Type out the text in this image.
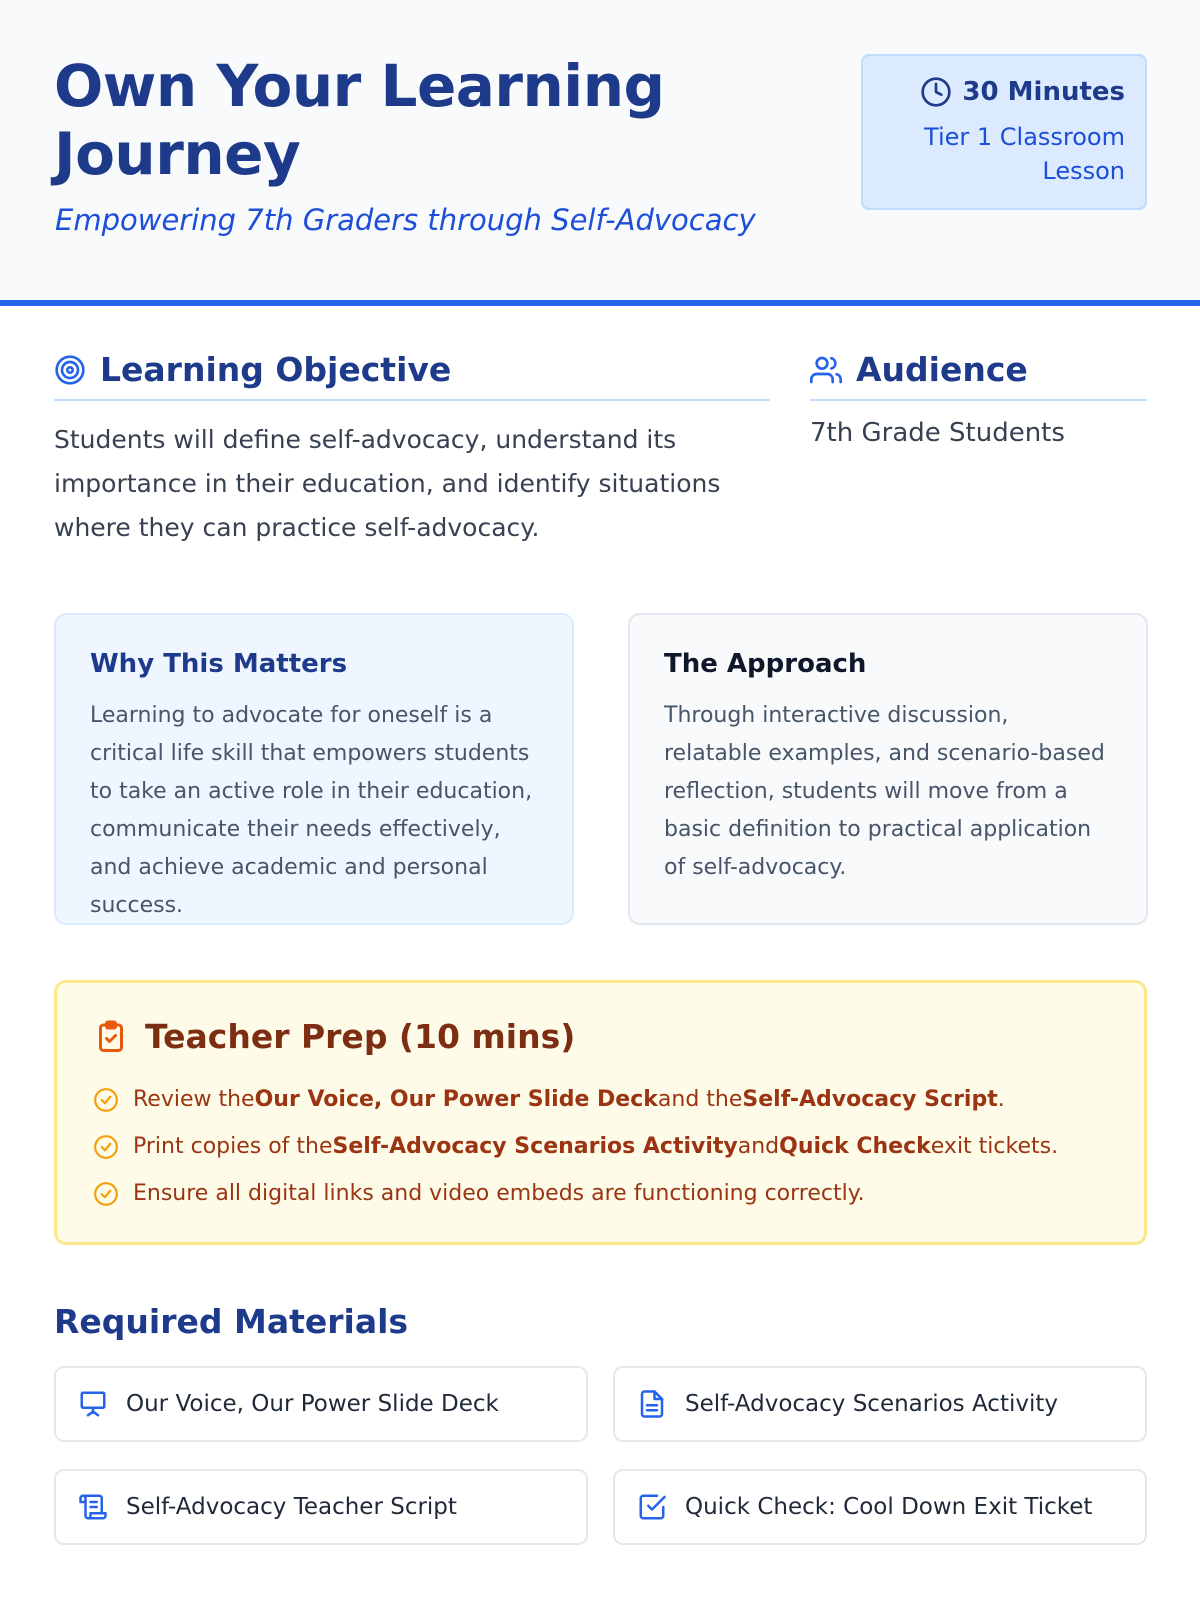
Own Your Learning Journey
Empowering 7th Graders through Self-Advocacy
30 Minutes
Tier 1 Classroom Lesson
Learning Objective

Students will define self-advocacy, understand its importance in their education, and identify situations where they can practice self-advocacy.

Audience

7th Grade Students

Why This Matters

Learning to advocate for oneself is a critical life skill that empowers students to take an active role in their education, communicate their needs effectively, and achieve academic and personal success.

The Approach

Through interactive discussion, relatable examples, and scenario-based reflection, students will move from a basic definition to practical application of self-advocacy.

Teacher Prep (10 mins)
Review theOur Voice, Our Power Slide Deckand theSelf-Advocacy Script.
Print copies of theSelf-Advocacy Scenarios ActivityandQuick Checkexit tickets.
Ensure all digital links and video embeds are functioning correctly.
Required Materials
Our Voice, Our Power Slide Deck	Self-Advocacy Scenarios Activity
Self-Advocacy Teacher Script	Quick Check: Cool Down Exit Ticket
